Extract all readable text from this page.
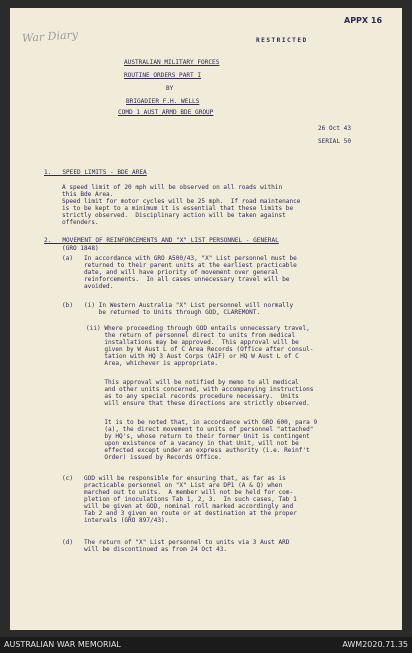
War Diary
APPX 16
RESTRICTED
AUSTRALIAN MILITARY FORCES
ROUTINE ORDERS PART I
BY
BRIGADIER F.H. WELLS
COMD 1 AUST ARMD BDE GROUP
26 Oct 43
SERIAL 50
1.   SPEED LIMITS - BDE AREA
A speed limit of 20 mph will be observed on all roads within
this Bde Area.
Speed limit for motor cycles will be 25 mph.  If road maintenance
is to be kept to a minimum it is essential that these limits be
strictly observed.  Disciplinary action will be taken against
offenders.
2.   MOVEMENT OF REINFORCEMENTS AND "X" LIST PERSONNEL - GENERAL
(GRO 1848)
(a)   In accordance with GRO A500/43, "X" List personnel must be
returned to their parent units at the earliest practicable
date, and will have priority of movement over general
reinforcements.  In all cases unnecessary travel will be
avoided.
(b)   (i) In Western Australia "X" List personnel will normally
be returned to Units through GOD, CLAREMONT.
(ii) Where proceeding through GOD entails unnecessary travel,
the return of personnel direct to units from medical
installations may be approved.  This approval will be
given by W Aust L of C Area Records (Office after consul-
tation with HQ 3 Aust Corps (AIF) or HQ W Aust L of C
Area, whichever is appropriate.
This approval will be notified by memo to all medical
and other units concerned, with accompanying instructions
as to any special records procedure necessary.  Units
will ensure that these directions are strictly observed.
It is to be noted that, in accordance with GRO 600, para 9
(a), the direct movement to units of personnel "attached"
by HQ's, whose return to their former Unit is contingent
upon existence of a vacancy in that Unit, will not be
effected except under an express authority (i.e. Reinf't
Order) issued by Records Office.
(c)   GOD will be responsible for ensuring that, as far as is
practicable personnel on "X" List are DP1 (A & Q) when
marched out to units.  A member will not be held for com-
pletion of inoculations Tab 1, 2, 3.  In such cases, Tab 1
will be given at GOD, nominal roll marked accordingly and
Tab 2 and 3 given en route or at destination at the proper
intervals (GRO 897/43).
(d)   The return of "X" List personnel to units via 3 Aust ARD
will be discontinued as from 24 Oct 43.
AUSTRALIAN WAR MEMORIAL	AWM2020.71.35
